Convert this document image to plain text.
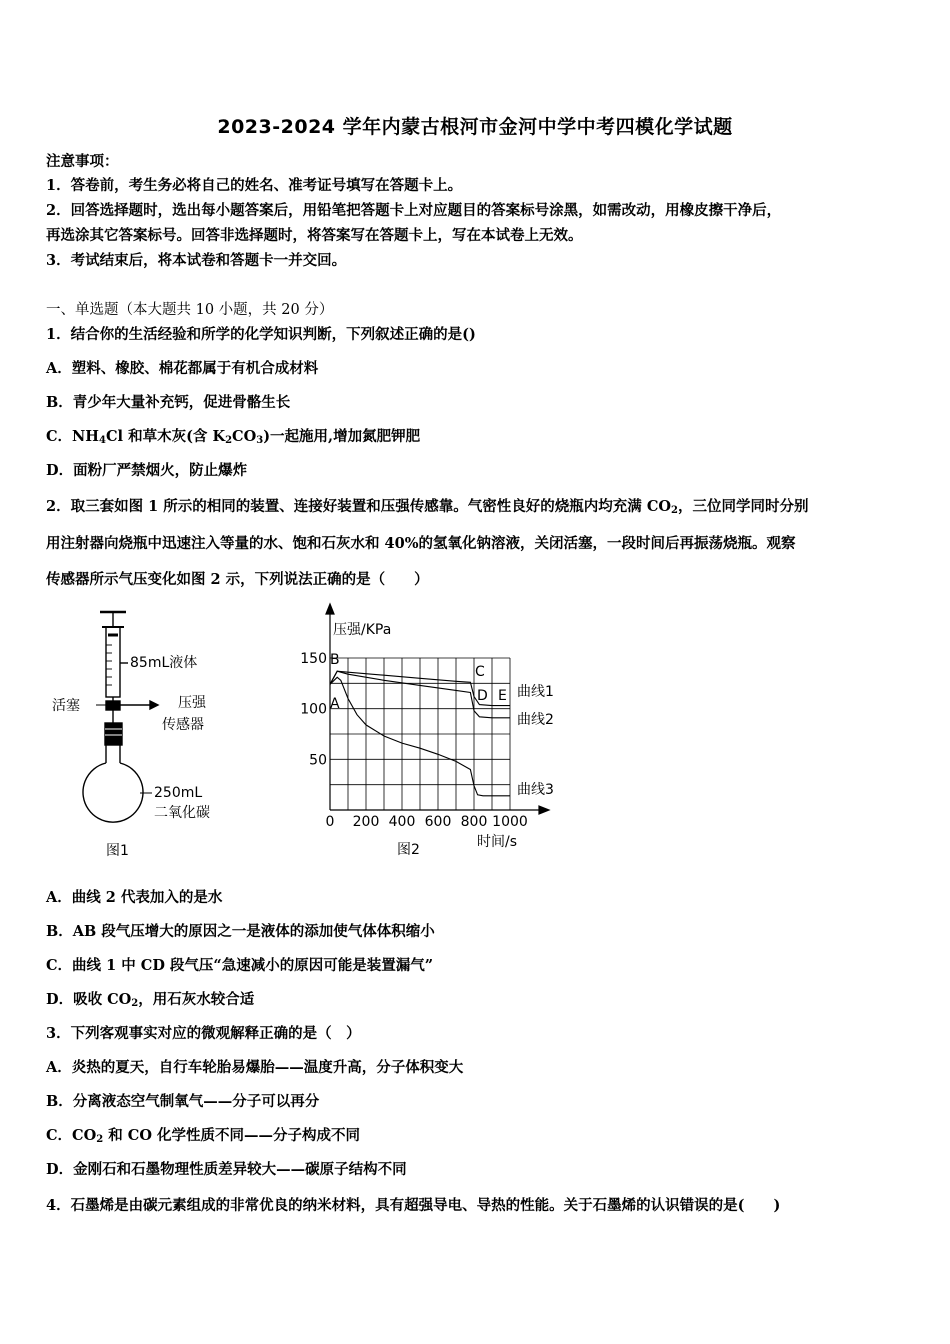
2023-2024 学年内蒙古根河市金河中学中考四模化学试题
注意事项：
1．答卷前，考生务必将自己的姓名、准考证号填写在答题卡上。
2．回答选择题时，选出每小题答案后，用铅笔把答题卡上对应题目的答案标号涂黑，如需改动，用橡皮擦干净后，
再选涂其它答案标号。回答非选择题时，将答案写在答题卡上，写在本试卷上无效。
3．考试结束后，将本试卷和答题卡一并交回。
一、单选题（本大题共 10 小题，共 20 分）
1．结合你的生活经验和所学的化学知识判断，下列叙述正确的是()
A．塑料、橡胶、棉花都属于有机合成材料
B．青少年大量补充钙，促进骨骼生长
C．$NH_4Cl$ 和草木灰(含 $K_2CO_3$)一起施用,增加氮肥钾肥
D．面粉厂严禁烟火，防止爆炸
2．取三套如图 1 所示的相同的装置、连接好装置和压强传感靠。气密性良好的烧瓶内均充满 $CO_2$，三位同学同时分别
用注射器向烧瓶中迅速注入等量的水、饱和石灰水和 40%的氢氧化钠溶液，关闭活塞，一段时间后再振荡烧瓶。观察
传感器所示气压变化如图 2 示，下列说法正确的是（　　）
85mL液体
活塞	压强
传感器
250mL
二氧化碳
图1
压强/KPa
时间/s
0 200 400 600 800 1000
50
100
150
A
B
C
D E 曲线1
曲线2
曲线3
图2
A．曲线 2 代表加入的是水
B．AB 段气压增大的原因之一是液体的添加使气体体积缩小
C．曲线 1 中 CD 段气压“急速减小的原因可能是装置漏气”
D．吸收 $CO_2$，用石灰水较合适
3．下列客观事实对应的微观解释正确的是（　）
A．炎热的夏天，自行车轮胎易爆胎——温度升高，分子体积变大
B．分离液态空气制氧气——分子可以再分
C．$CO_2$ 和 CO 化学性质不同——分子构成不同
D．金刚石和石墨物理性质差异较大——碳原子结构不同
4．石墨烯是由碳元素组成的非常优良的纳米材料，具有超强导电、导热的性能。关于石墨烯的认识错误的是(　　)
